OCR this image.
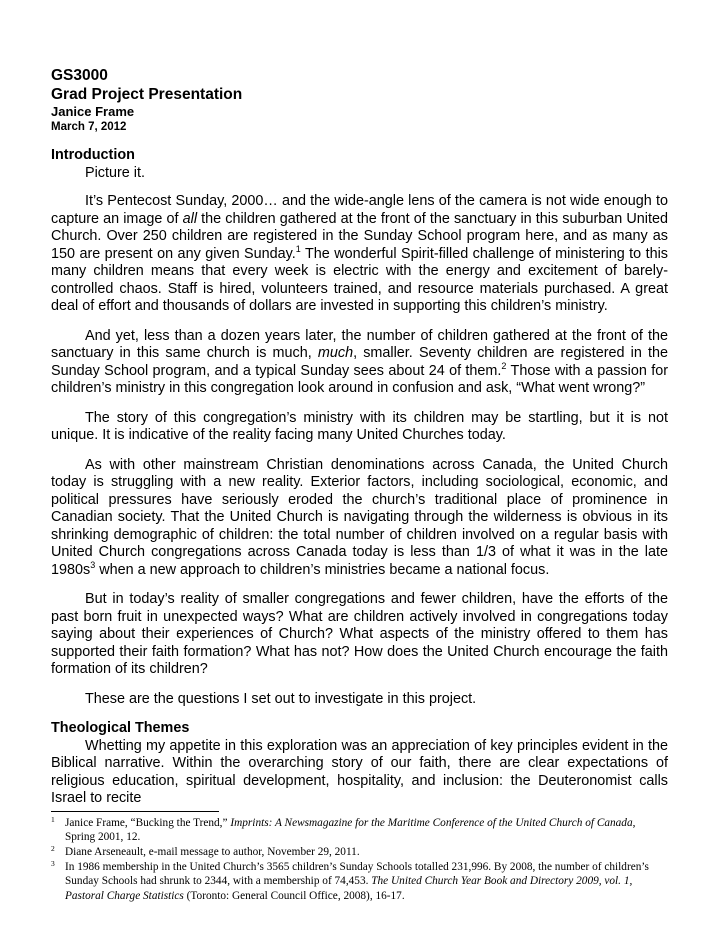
GS3000
Grad Project Presentation
Janice Frame
March 7, 2012
Introduction

Picture it.

It’s Pentecost Sunday, 2000… and the wide-angle lens of the camera is not wide enough to capture an image of all the children gathered at the front of the sanctuary in this suburban United Church. Over 250 children are registered in the Sunday School program here, and as many as 150 are present on any given Sunday.$^1$ The wonderful Spirit-filled challenge of ministering to this many children means that every week is electric with the energy and excitement of barely-controlled chaos. Staff is hired, volunteers trained, and resource materials purchased. A great deal of effort and thousands of dollars are invested in supporting this children’s ministry.

And yet, less than a dozen years later, the number of children gathered at the front of the sanctuary in this same church is much, much, smaller. Seventy children are registered in the Sunday School program, and a typical Sunday sees about 24 of them.$^2$ Those with a passion for children’s ministry in this congregation look around in confusion and ask, “What went wrong?”

The story of this congregation’s ministry with its children may be startling, but it is not unique. It is indicative of the reality facing many United Churches today.

As with other mainstream Christian denominations across Canada, the United Church today is struggling with a new reality. Exterior factors, including sociological, economic, and political pressures have seriously eroded the church’s traditional place of prominence in Canadian society. That the United Church is navigating through the wilderness is obvious in its shrinking demographic of children: the total number of children involved on a regular basis with United Church congregations across Canada today is less than 1/3 of what it was in the late $1980s^3$ when a new approach to children’s ministries became a national focus.

But in today’s reality of smaller congregations and fewer children, have the efforts of the past born fruit in unexpected ways? What are children actively involved in congregations today saying about their experiences of Church? What aspects of the ministry offered to them has supported their faith formation? What has not? How does the United Church encourage the faith formation of its children?

These are the questions I set out to investigate in this project.

Theological Themes

Whetting my appetite in this exploration was an appreciation of key principles evident in the Biblical narrative. Within the overarching story of our faith, there are clear expectations of religious education, spiritual development, hospitality, and inclusion: the Deuteronomist calls Israel to recite

$^1$ Janice Frame, “Bucking the Trend,” Imprints: A Newsmagazine for the Maritime Conference of the United Church of Canada, Spring 2001, 12.
$^2$ Diane Arseneault, e-mail message to author, November 29, 2011.
$^3$ In 1986 membership in the United Church’s 3565 children’s Sunday Schools totalled 231,996. By 2008, the number of children’s Sunday Schools had shrunk to 2344, with a membership of 74,453. The United Church Year Book and Directory 2009, vol. 1, Pastoral Charge Statistics (Toronto: General Council Office, 2008), 16-17.
